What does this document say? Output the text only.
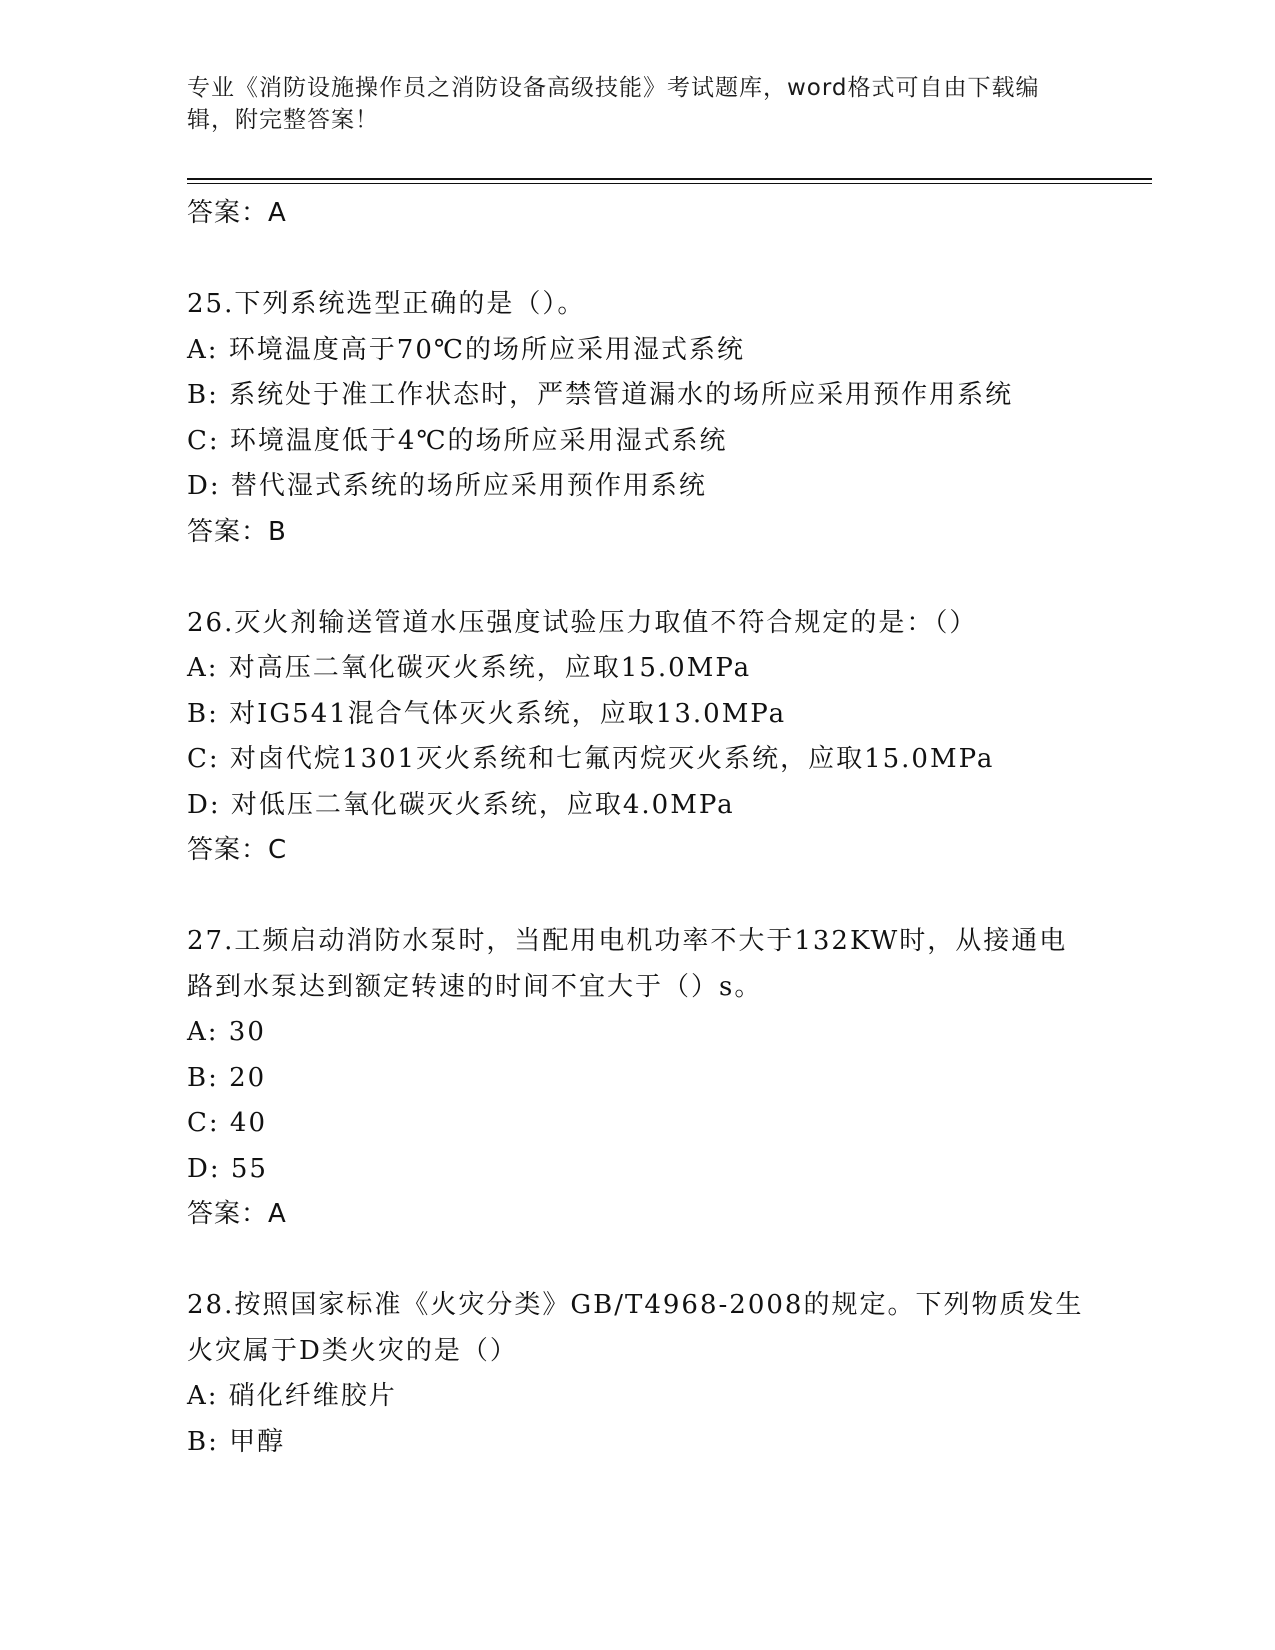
专业《消防设施操作员之消防设备高级技能》考试题库，word格式可自由下载编辑，附完整答案！
答案：A
25.下列系统选型正确的是（）。
A: 环境温度高于70℃的场所应采用湿式系统
B: 系统处于准工作状态时，严禁管道漏水的场所应采用预作用系统
C: 环境温度低于4℃的场所应采用湿式系统
D: 替代湿式系统的场所应采用预作用系统
答案：B
26.灭火剂输送管道水压强度试验压力取值不符合规定的是：（）
A: 对高压二氧化碳灭火系统，应取15.0MPa
B: 对IG541混合气体灭火系统，应取13.0MPa
C: 对卤代烷1301灭火系统和七氟丙烷灭火系统，应取15.0MPa
D: 对低压二氧化碳灭火系统，应取4.0MPa
答案：C
27.工频启动消防水泵时，当配用电机功率不大于132KW时，从接通电路到水泵达到额定转速的时间不宜大于（）s。
A: 30
B: 20
C: 40
D: 55
答案：A
28.按照国家标准《火灾分类》GB/T4968-2008的规定。下列物质发生火灾属于D类火灾的是（）
A: 硝化纤维胶片
B: 甲醇
